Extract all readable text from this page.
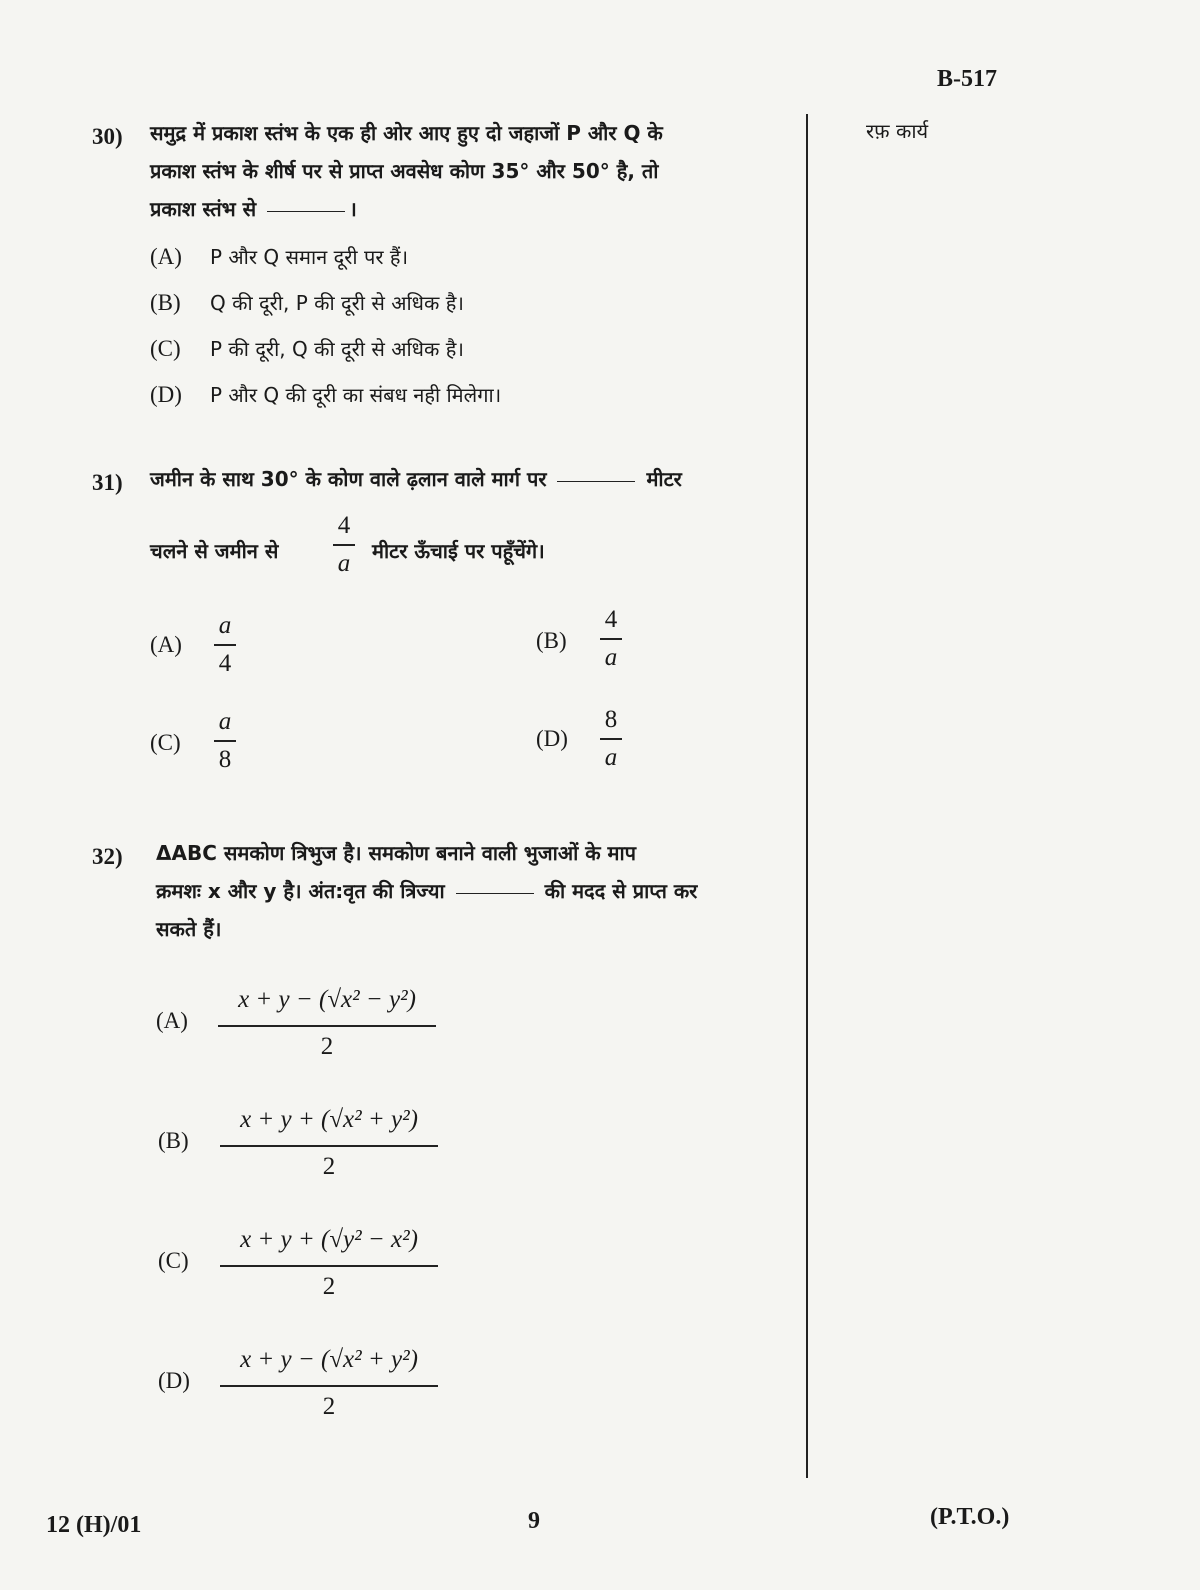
B-517
रफ़ कार्य
30) समुद्र में प्रकाश स्तंभ के एक ही ओर आए हुए दो जहाजों P और Q के
प्रकाश स्तंभ के शीर्ष पर से प्राप्त अवसेध कोण 35° और 50° है, तो
प्रकाश स्तंभ से	।
(A) P और Q समान दूरी पर हैं।
(B) Q की दूरी, P की दूरी से अधिक है।
(C) P की दूरी, Q की दूरी से अधिक है।
(D) P और Q की दूरी का संबध नही मिलेगा।
31) जमीन के साथ 30° के कोण वाले ढ़लान वाले मार्ग पर	मीटर
चलने से जमीन से
4
a मीटर ऊँचाई पर पहूँचेंगे।
(A)
a
4
(B)
4
a
(C)
a
8
(D)
8
a
32) ΔABC समकोण त्रिभुज है। समकोण बनाने वाली भुजाओं के माप
क्रमशः x और y है। अंत:वृत की त्रिज्या	की मदद से प्राप्त कर
सकते हैं।
(A)
x + y − (√x² − y²)
2
(B)
x + y + (√x² + y²)
2
(C)
x + y + (√y² − x²)
2
(D)
x + y − (√x² + y²)
2
12 (H)/01	9	(P.T.O.)
